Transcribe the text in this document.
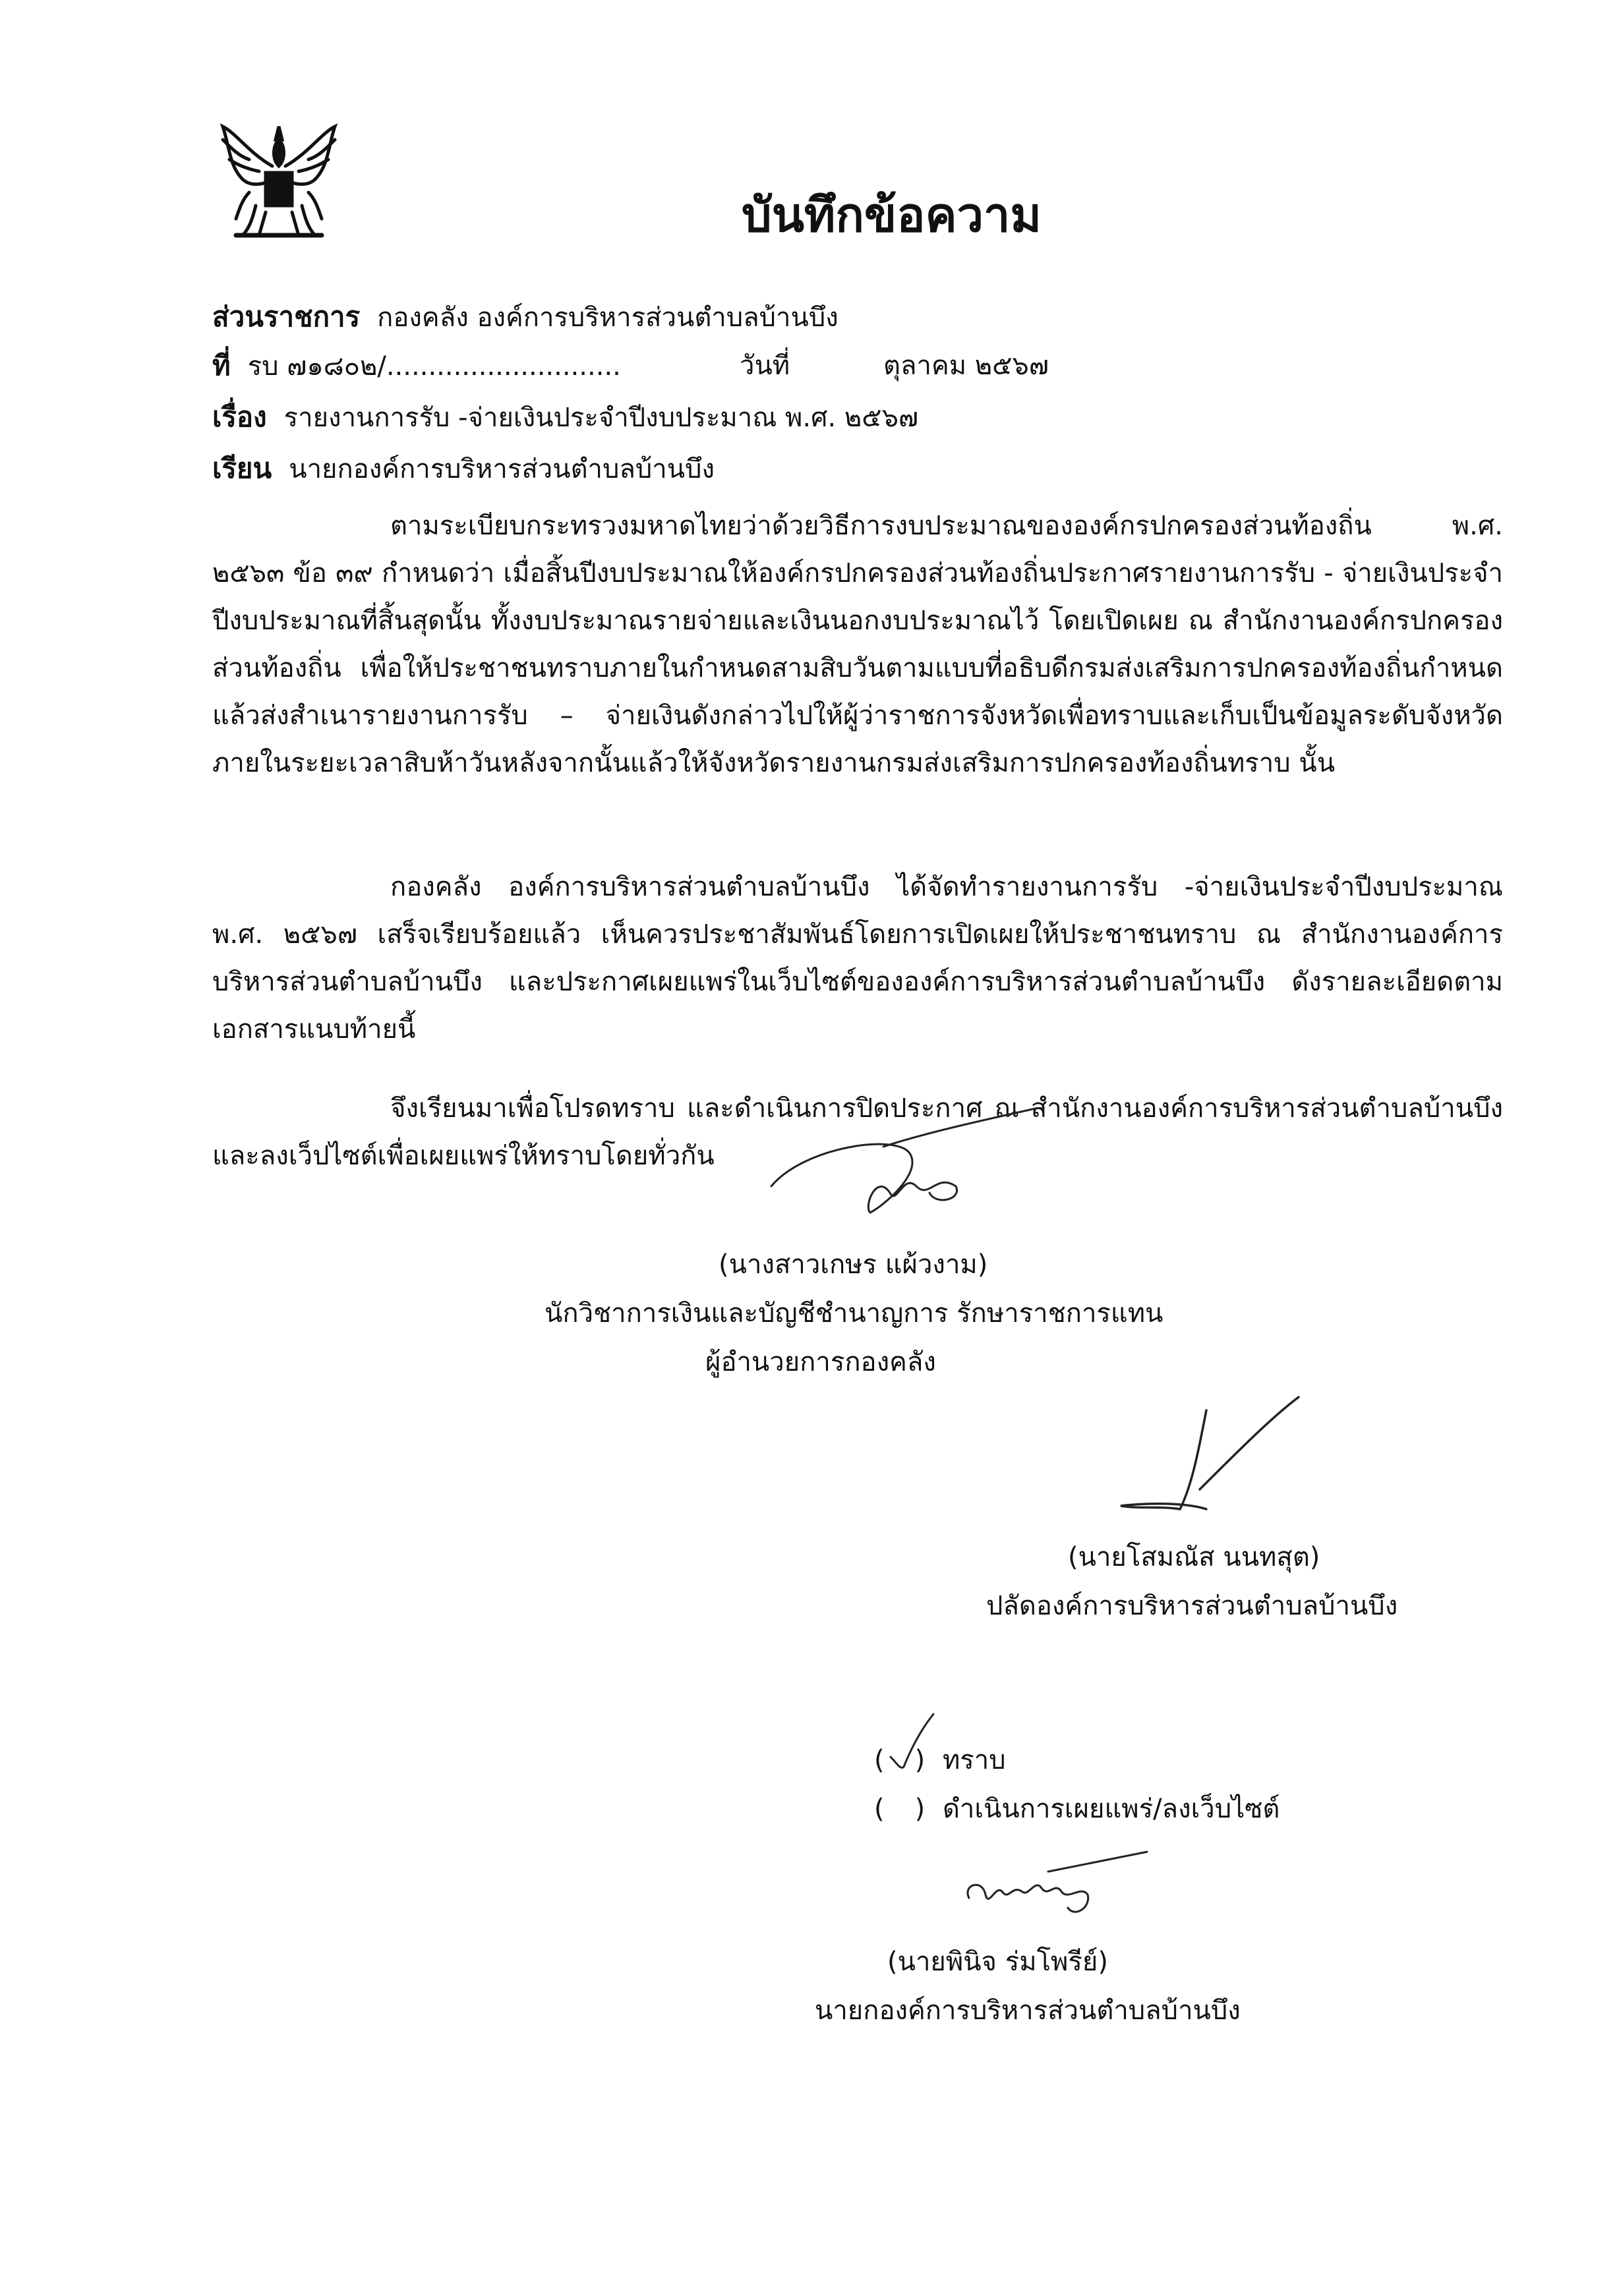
บันทึกข้อความ
ส่วนราชการ กองคลัง องค์การบริหารส่วนตำบลบ้านบึง
ที่ รบ ๗๑๘๐๒/............................	วันที่	ตุลาคม ๒๕๖๗
เรื่อง รายงานการรับ -จ่ายเงินประจำปีงบประมาณ พ.ศ. ๒๕๖๗
เรียน นายกองค์การบริหารส่วนตำบลบ้านบึง
ตามระเบียบกระทรวงมหาดไทยว่าด้วยวิธีการงบประมาณขององค์กรปกครองส่วนท้องถิ่น พ.ศ. ๒๕๖๓ ข้อ ๓๙ กำหนดว่า เมื่อสิ้นปีงบประมาณให้องค์กรปกครองส่วนท้องถิ่นประกาศรายงานการรับ - จ่ายเงินประจำปีงบประมาณที่สิ้นสุดนั้น ทั้งงบประมาณรายจ่ายและเงินนอกงบประมาณไว้ โดยเปิดเผย ณ สำนักงานองค์กรปกครองส่วนท้องถิ่น เพื่อให้ประชาชนทราบภายในกำหนดสามสิบวันตามแบบที่อธิบดีกรมส่งเสริมการปกครองท้องถิ่นกำหนด แล้วส่งสำเนารายงานการรับ – จ่ายเงินดังกล่าวไปให้ผู้ว่าราชการจังหวัดเพื่อทราบและเก็บเป็นข้อมูลระดับจังหวัดภายในระยะเวลาสิบห้าวันหลังจากนั้นแล้วให้จังหวัดรายงานกรมส่งเสริมการปกครองท้องถิ่นทราบ นั้น
กองคลัง องค์การบริหารส่วนตำบลบ้านบึง ได้จัดทำรายงานการรับ -จ่ายเงินประจำปีงบประมาณ พ.ศ. ๒๕๖๗ เสร็จเรียบร้อยแล้ว เห็นควรประชาสัมพันธ์โดยการเปิดเผยให้ประชาชนทราบ ณ สำนักงานองค์การบริหารส่วนตำบลบ้านบึง และประกาศเผยแพร่ในเว็บไซต์ขององค์การบริหารส่วนตำบลบ้านบึง ดังรายละเอียดตามเอกสารแนบท้ายนี้
จึงเรียนมาเพื่อโปรดทราบ และดำเนินการปิดประกาศ ณ สำนักงานองค์การบริหารส่วนตำบลบ้านบึงและลงเว็ปไซต์เพื่อเผยแพร่ให้ทราบโดยทั่วกัน
(นางสาวเกษร แผ้วงาม)
นักวิชาการเงินและบัญชีชำนาญการ รักษาราชการแทน
ผู้อำนวยการกองคลัง
(นายโสมณัส นนทสุต)
ปลัดองค์การบริหารส่วนตำบลบ้านบึง
( ) ทราบ
( ) ดำเนินการเผยแพร่/ลงเว็บไซต์
(นายพินิจ ร่มโพรีย์)
นายกองค์การบริหารส่วนตำบลบ้านบึง
